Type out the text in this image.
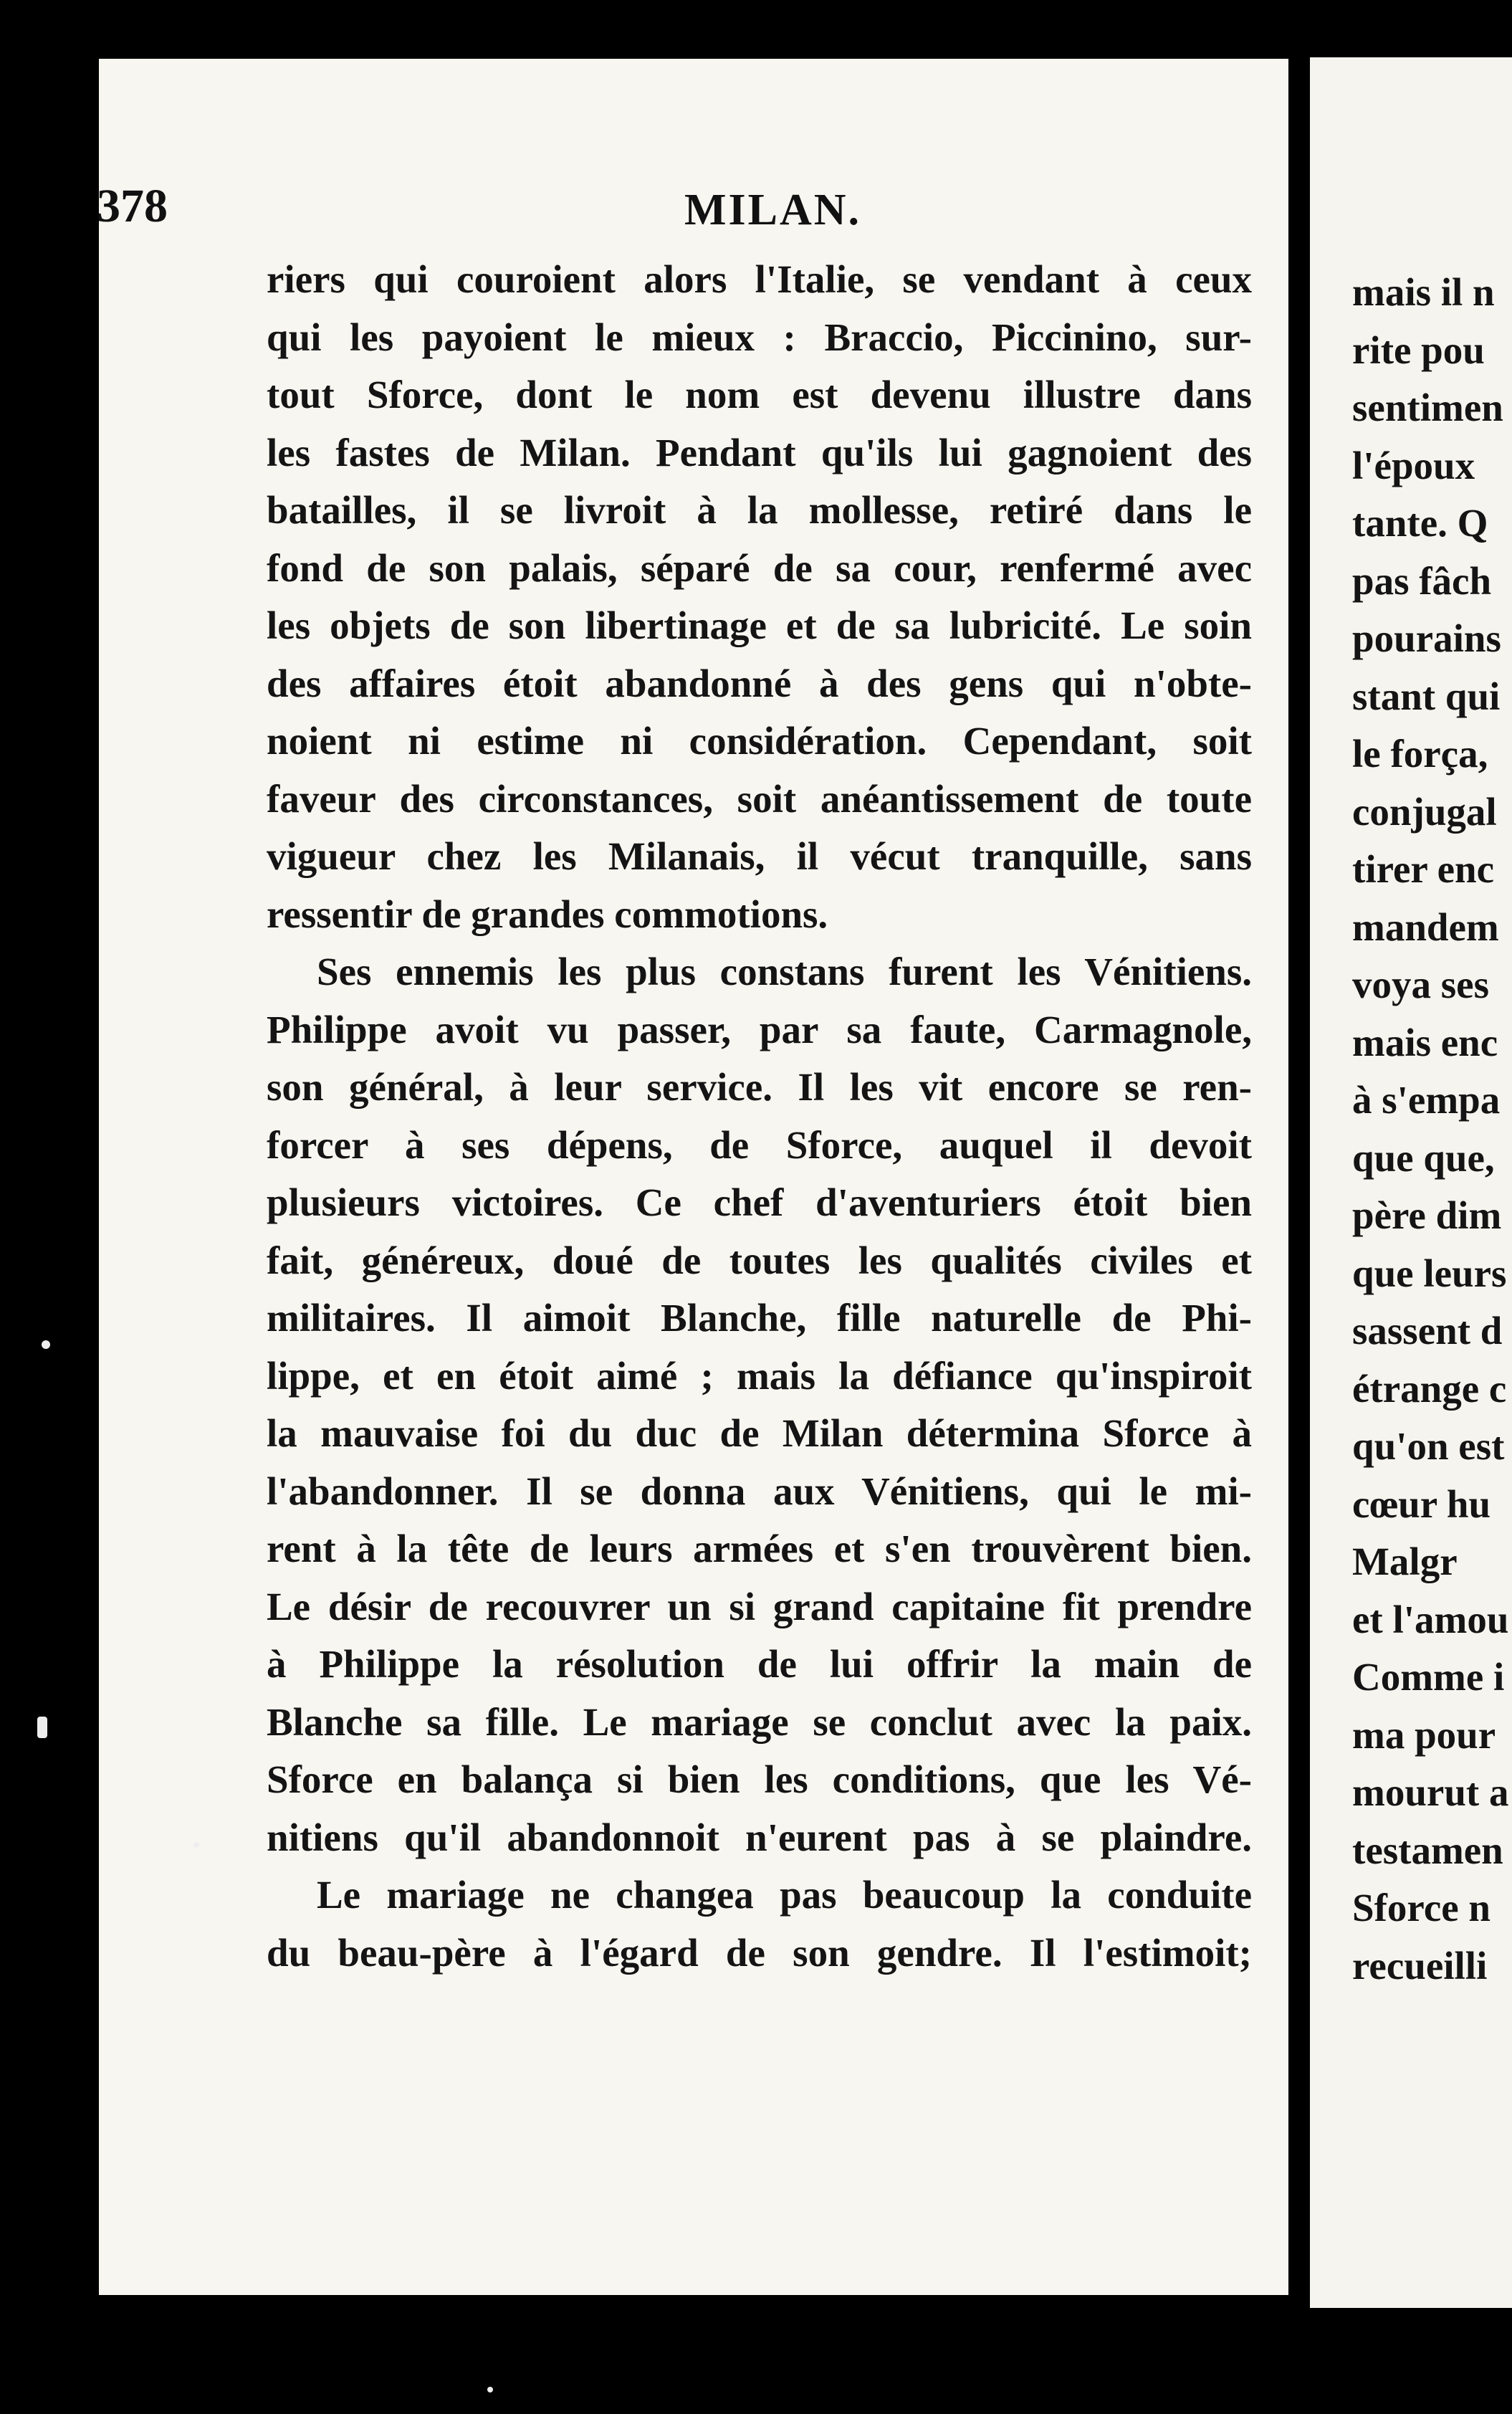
378	MILAN.
riers qui couroient alors l'Italie, se vendant à ceux
qui les payoient le mieux : Braccio, Piccinino, sur-
tout Sforce, dont le nom est devenu illustre dans
les fastes de Milan. Pendant qu'ils lui gagnoient des
batailles, il se livroit à la mollesse, retiré dans le
fond de son palais, séparé de sa cour, renfermé avec
les objets de son libertinage et de sa lubricité. Le soin
des affaires étoit abandonné à des gens qui n'obte-
noient ni estime ni considération. Cependant, soit
faveur des circonstances, soit anéantissement de toute
vigueur chez les Milanais, il vécut tranquille, sans
ressentir de grandes commotions.
Ses ennemis les plus constans furent les Vénitiens.
Philippe avoit vu passer, par sa faute, Carmagnole,
son général, à leur service. Il les vit encore se ren-
forcer à ses dépens, de Sforce, auquel il devoit
plusieurs victoires. Ce chef d'aventuriers étoit bien
fait, généreux, doué de toutes les qualités civiles et
militaires. Il aimoit Blanche, fille naturelle de Phi-
lippe, et en étoit aimé ; mais la défiance qu'inspiroit
la mauvaise foi du duc de Milan détermina Sforce à
l'abandonner. Il se donna aux Vénitiens, qui le mi-
rent à la tête de leurs armées et s'en trouvèrent bien.
Le désir de recouvrer un si grand capitaine fit prendre
à Philippe la résolution de lui offrir la main de
Blanche sa fille. Le mariage se conclut avec la paix.
Sforce en balança si bien les conditions, que les Vé-
nitiens qu'il abandonnoit n'eurent pas à se plaindre.
Le mariage ne changea pas beaucoup la conduite
du beau-père à l'égard de son gendre. Il l'estimoit;
mais il n
rite pou
sentimen
l'époux
tante. Q
pas fâch
pourains
stant qui
le força,
conjugal
tirer enc
mandem
voya ses
mais enc
à s'empa
que que,
père dim
que leurs
sassent d
étrange c
qu'on est
cœur hu
Malgr
et l'amou
Comme i
ma pour
mourut a
testamen
Sforce n
recueilli
